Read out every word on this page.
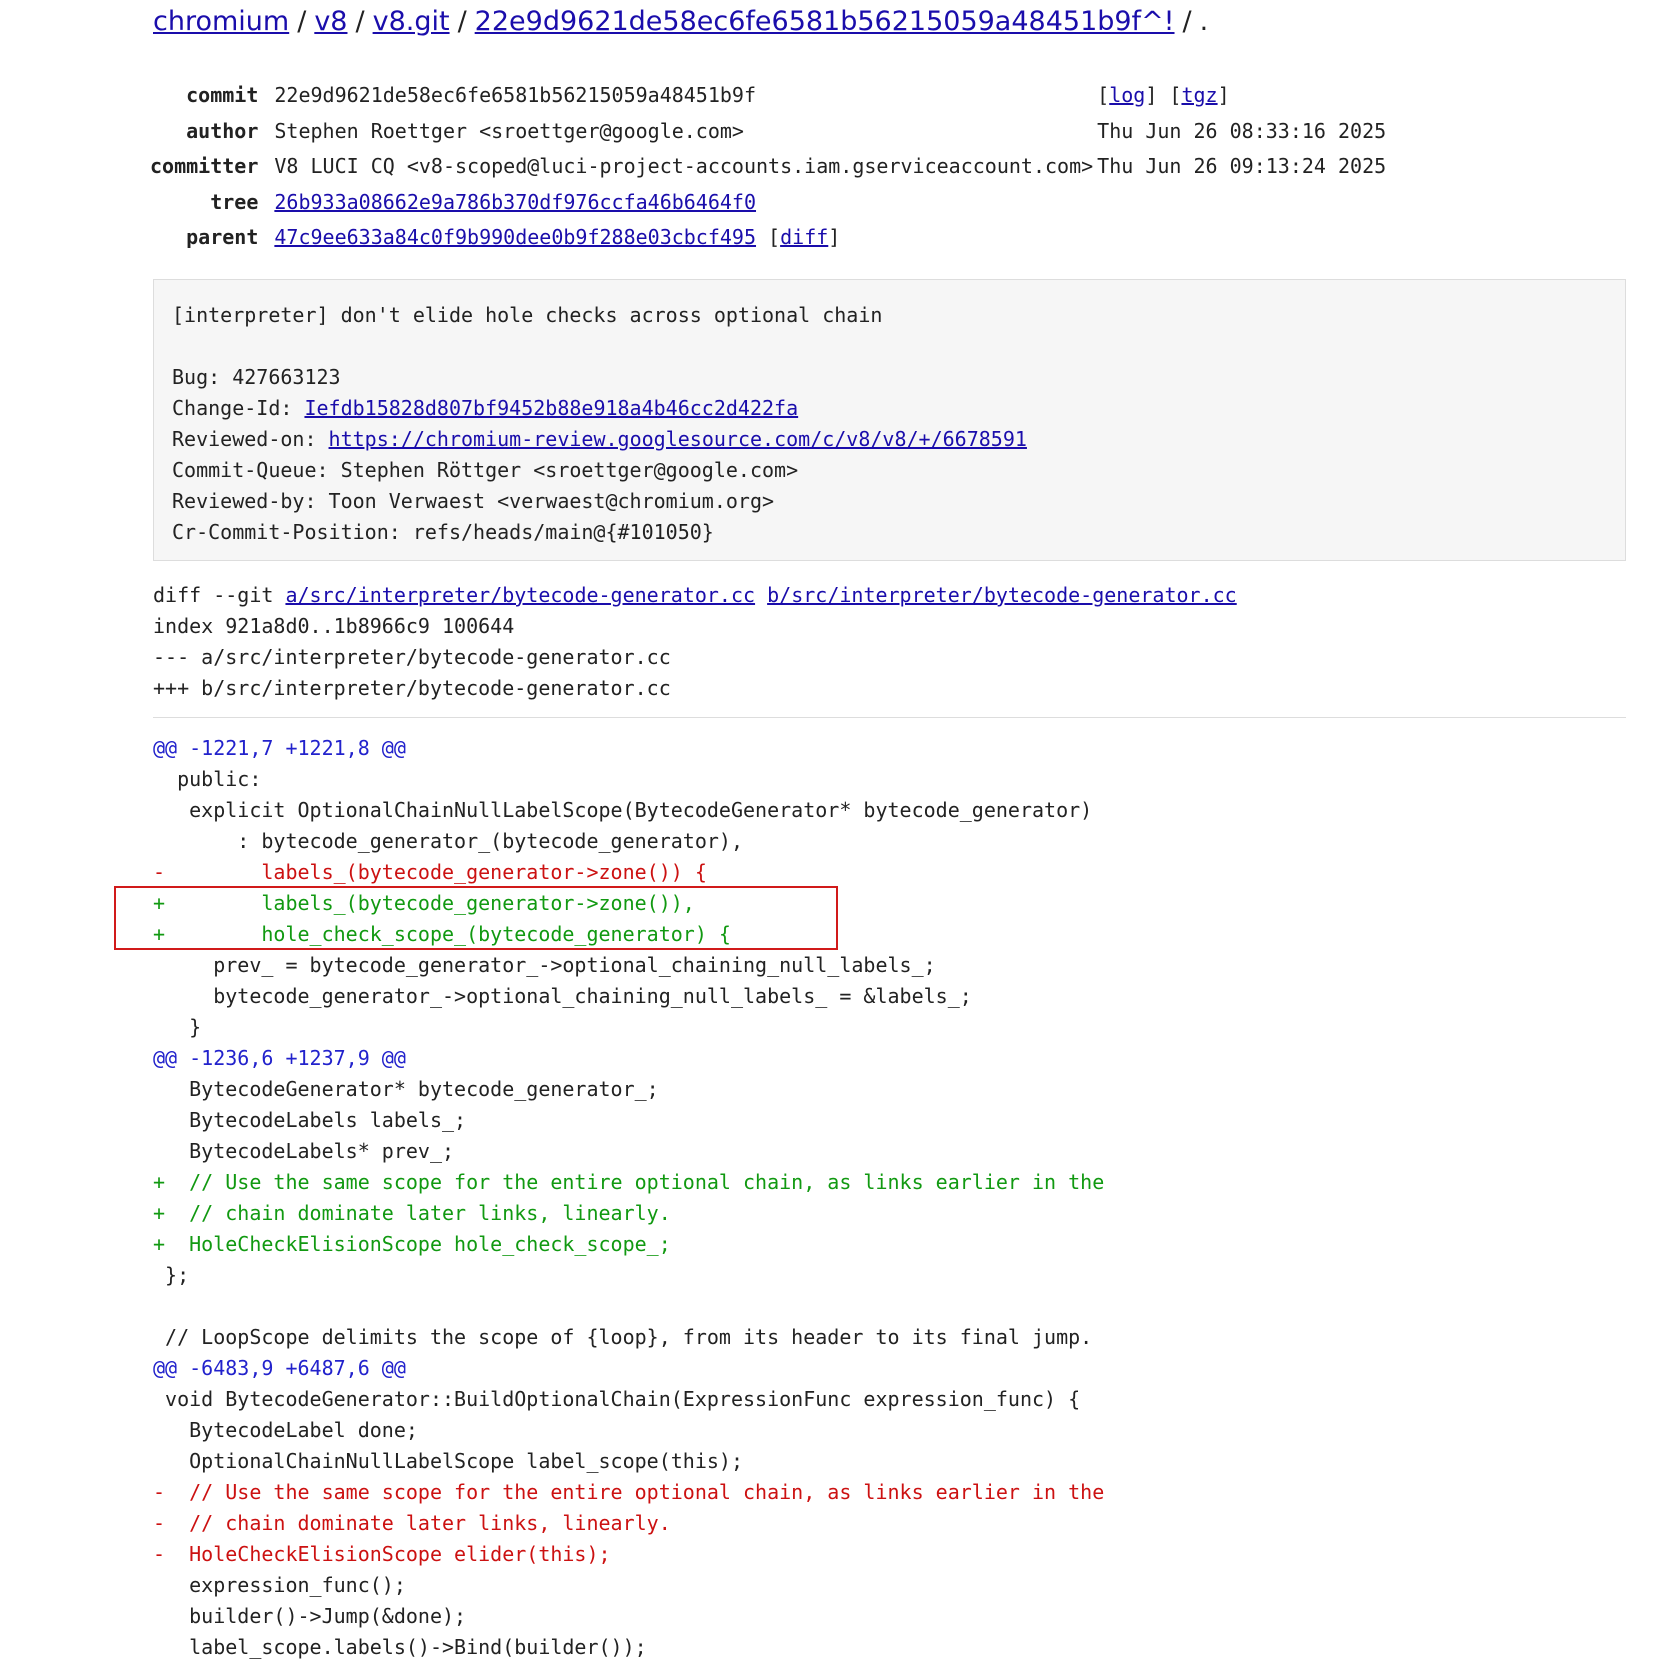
chromium / v8 / v8.git / 22e9d9621de58ec6fe6581b56215059a48451b9f^! / .
commit	22e9d9621de58ec6fe6581b56215059a48451b9f	[log] [tgz]
author	Stephen Roettger <sroettger@google.com>	Thu Jun 26 08:33:16 2025
committer	V8 LUCI CQ <v8-scoped@luci-project-accounts.iam.gserviceaccount.com>	Thu Jun 26 09:13:24 2025
tree	26b933a08662e9a786b370df976ccfa46b6464f0	
parent	47c9ee633a84c0f9b990dee0b9f288e03cbcf495 [diff]	
[interpreter] don't elide hole checks across optional chain
Bug: 427663123
Change-Id: Iefdb15828d807bf9452b88e918a4b46cc2d422fa
Reviewed-on: https://chromium-review.googlesource.com/c/v8/v8/+/6678591
Commit-Queue: Stephen Röttger <sroettger@google.com>
Reviewed-by: Toon Verwaest <verwaest@chromium.org>
Cr-Commit-Position: refs/heads/main@{#101050}
diff --git a/src/interpreter/bytecode-generator.cc b/src/interpreter/bytecode-generator.cc
index 921a8d0..1b8966c9 100644
--- a/src/interpreter/bytecode-generator.cc
+++ b/src/interpreter/bytecode-generator.cc
@@ -1221,7 +1221,8 @@
public:
explicit OptionalChainNullLabelScope(BytecodeGenerator* bytecode_generator)
: bytecode_generator_(bytecode_generator),
-        labels_(bytecode_generator->zone()) {
+        labels_(bytecode_generator->zone()),
+        hole_check_scope_(bytecode_generator) {
prev_ = bytecode_generator_->optional_chaining_null_labels_;
bytecode_generator_->optional_chaining_null_labels_ = &labels_;
}
@@ -1236,6 +1237,9 @@
BytecodeGenerator* bytecode_generator_;
BytecodeLabels labels_;
BytecodeLabels* prev_;
+  // Use the same scope for the entire optional chain, as links earlier in the
+  // chain dominate later links, linearly.
+  HoleCheckElisionScope hole_check_scope_;
};
// LoopScope delimits the scope of {loop}, from its header to its final jump.
@@ -6483,9 +6487,6 @@
void BytecodeGenerator::BuildOptionalChain(ExpressionFunc expression_func) {
BytecodeLabel done;
OptionalChainNullLabelScope label_scope(this);
-  // Use the same scope for the entire optional chain, as links earlier in the
-  // chain dominate later links, linearly.
-  HoleCheckElisionScope elider(this);
expression_func();
builder()->Jump(&done);
label_scope.labels()->Bind(builder());
